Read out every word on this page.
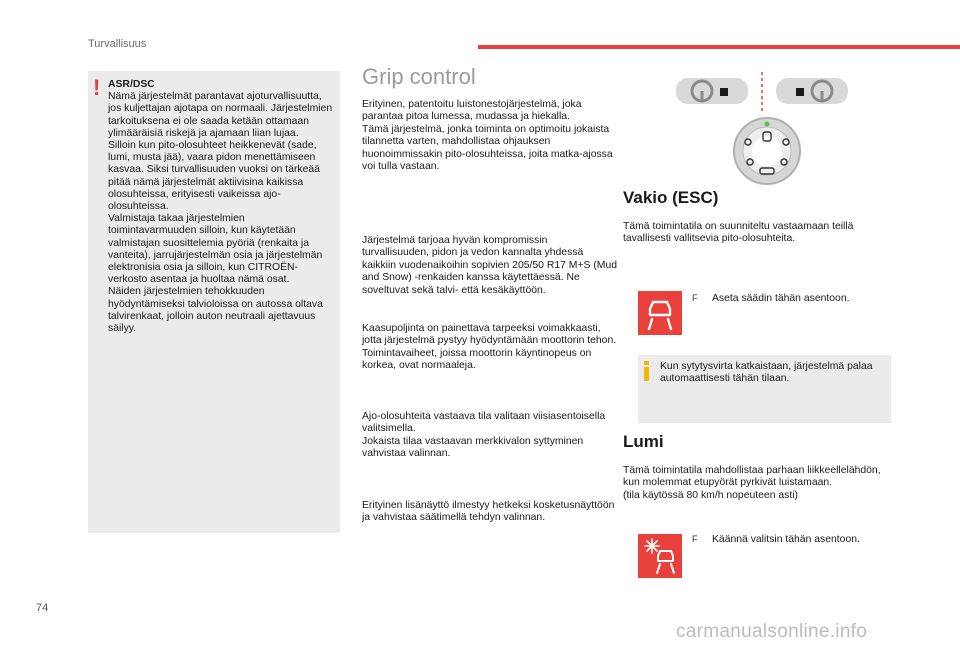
Turvallisuus
! ASR/DSC
Nämä järjestelmät parantavat ajoturvallisuutta, jos kuljettajan ajotapa on normaali. Järjestelmien tarkoituksena ei ole saada ketään ottamaan ylimääräisiä riskejä ja ajamaan liian lujaa.
Silloin kun pito-olosuhteet heikkenevät (sade, lumi, musta jää), vaara pidon menettämiseen kasvaa. Siksi turvallisuuden vuoksi on tärkeää pitää nämä järjestelmät aktiivisina kaikissa olosuhteissa, erityisesti vaikeissa ajo-olosuhteissa.
Valmistaja takaa järjestelmien toimintavarmuuden silloin, kun käytetään valmistajan suosittelemia pyöriä (renkaita ja vanteita), jarrujärjestelmän osia ja järjestelmän elektronisia osia ja silloin, kun CITROËN-verkosto asentaa ja huoltaa nämä osat.
Näiden järjestelmien tehokkuuden hyödyntämiseksi talvioloissa on autossa oltava talvirenkaat, jolloin auton neutraali ajettavuus säilyy.
Grip control
Erityinen, patentoitu luistonestojärjestelmä, joka parantaa pitoa lumessa, mudassa ja hiekalla.
Tämä järjestelmä, jonka toiminta on optimoitu jokaista tilannetta varten, mahdollistaa ohjauksen huonoimmissakin pito-olosuhteissa, joita matka-ajossa voi tulla vastaan.
Järjestelmä tarjoaa hyvän kompromissin turvallisuuden, pidon ja vedon kannalta yhdessä kaikkiin vuodenaikoihin sopivien 205/50 R17 M+S (Mud and Snow) -renkaiden kanssa käytettäessä. Ne soveltuvat sekä talvi- että kesäkäyttöön.
Kaasupoljinta on painettava tarpeeksi voimakkaasti, jotta järjestelmä pystyy hyödyntämään moottorin tehon.
Toimintavaiheet, joissa moottorin käyntinopeus on korkea, ovat normaaleja.
Ajo-olosuhteita vastaava tila valitaan viisiasentoisella valitsimella.
Jokaista tilaa vastaavan merkkivalon syttyminen vahvistaa valinnan.
Erityinen lisänäyttö ilmestyy hetkeksi kosketusnäyttöön ja vahvistaa säätimellä tehdyn valinnan.
Vakio (ESC)
Tämä toimintatila on suunniteltu vastaamaan teillä tavallisesti vallitsevia pito-olosuhteita.
F Aseta säädin tähän asentoon.
Kun sytytysvirta katkaistaan, järjestelmä palaa automaattisesti tähän tilaan.
Lumi
Tämä toimintatila mahdollistaa parhaan liikkeellelähdön, kun molemmat etupyörät pyrkivät luistamaan.
(tila käytössä 80 km/h nopeuteen asti)
F Käännä valitsin tähän asentoon.
74
carmanualsonline.info
